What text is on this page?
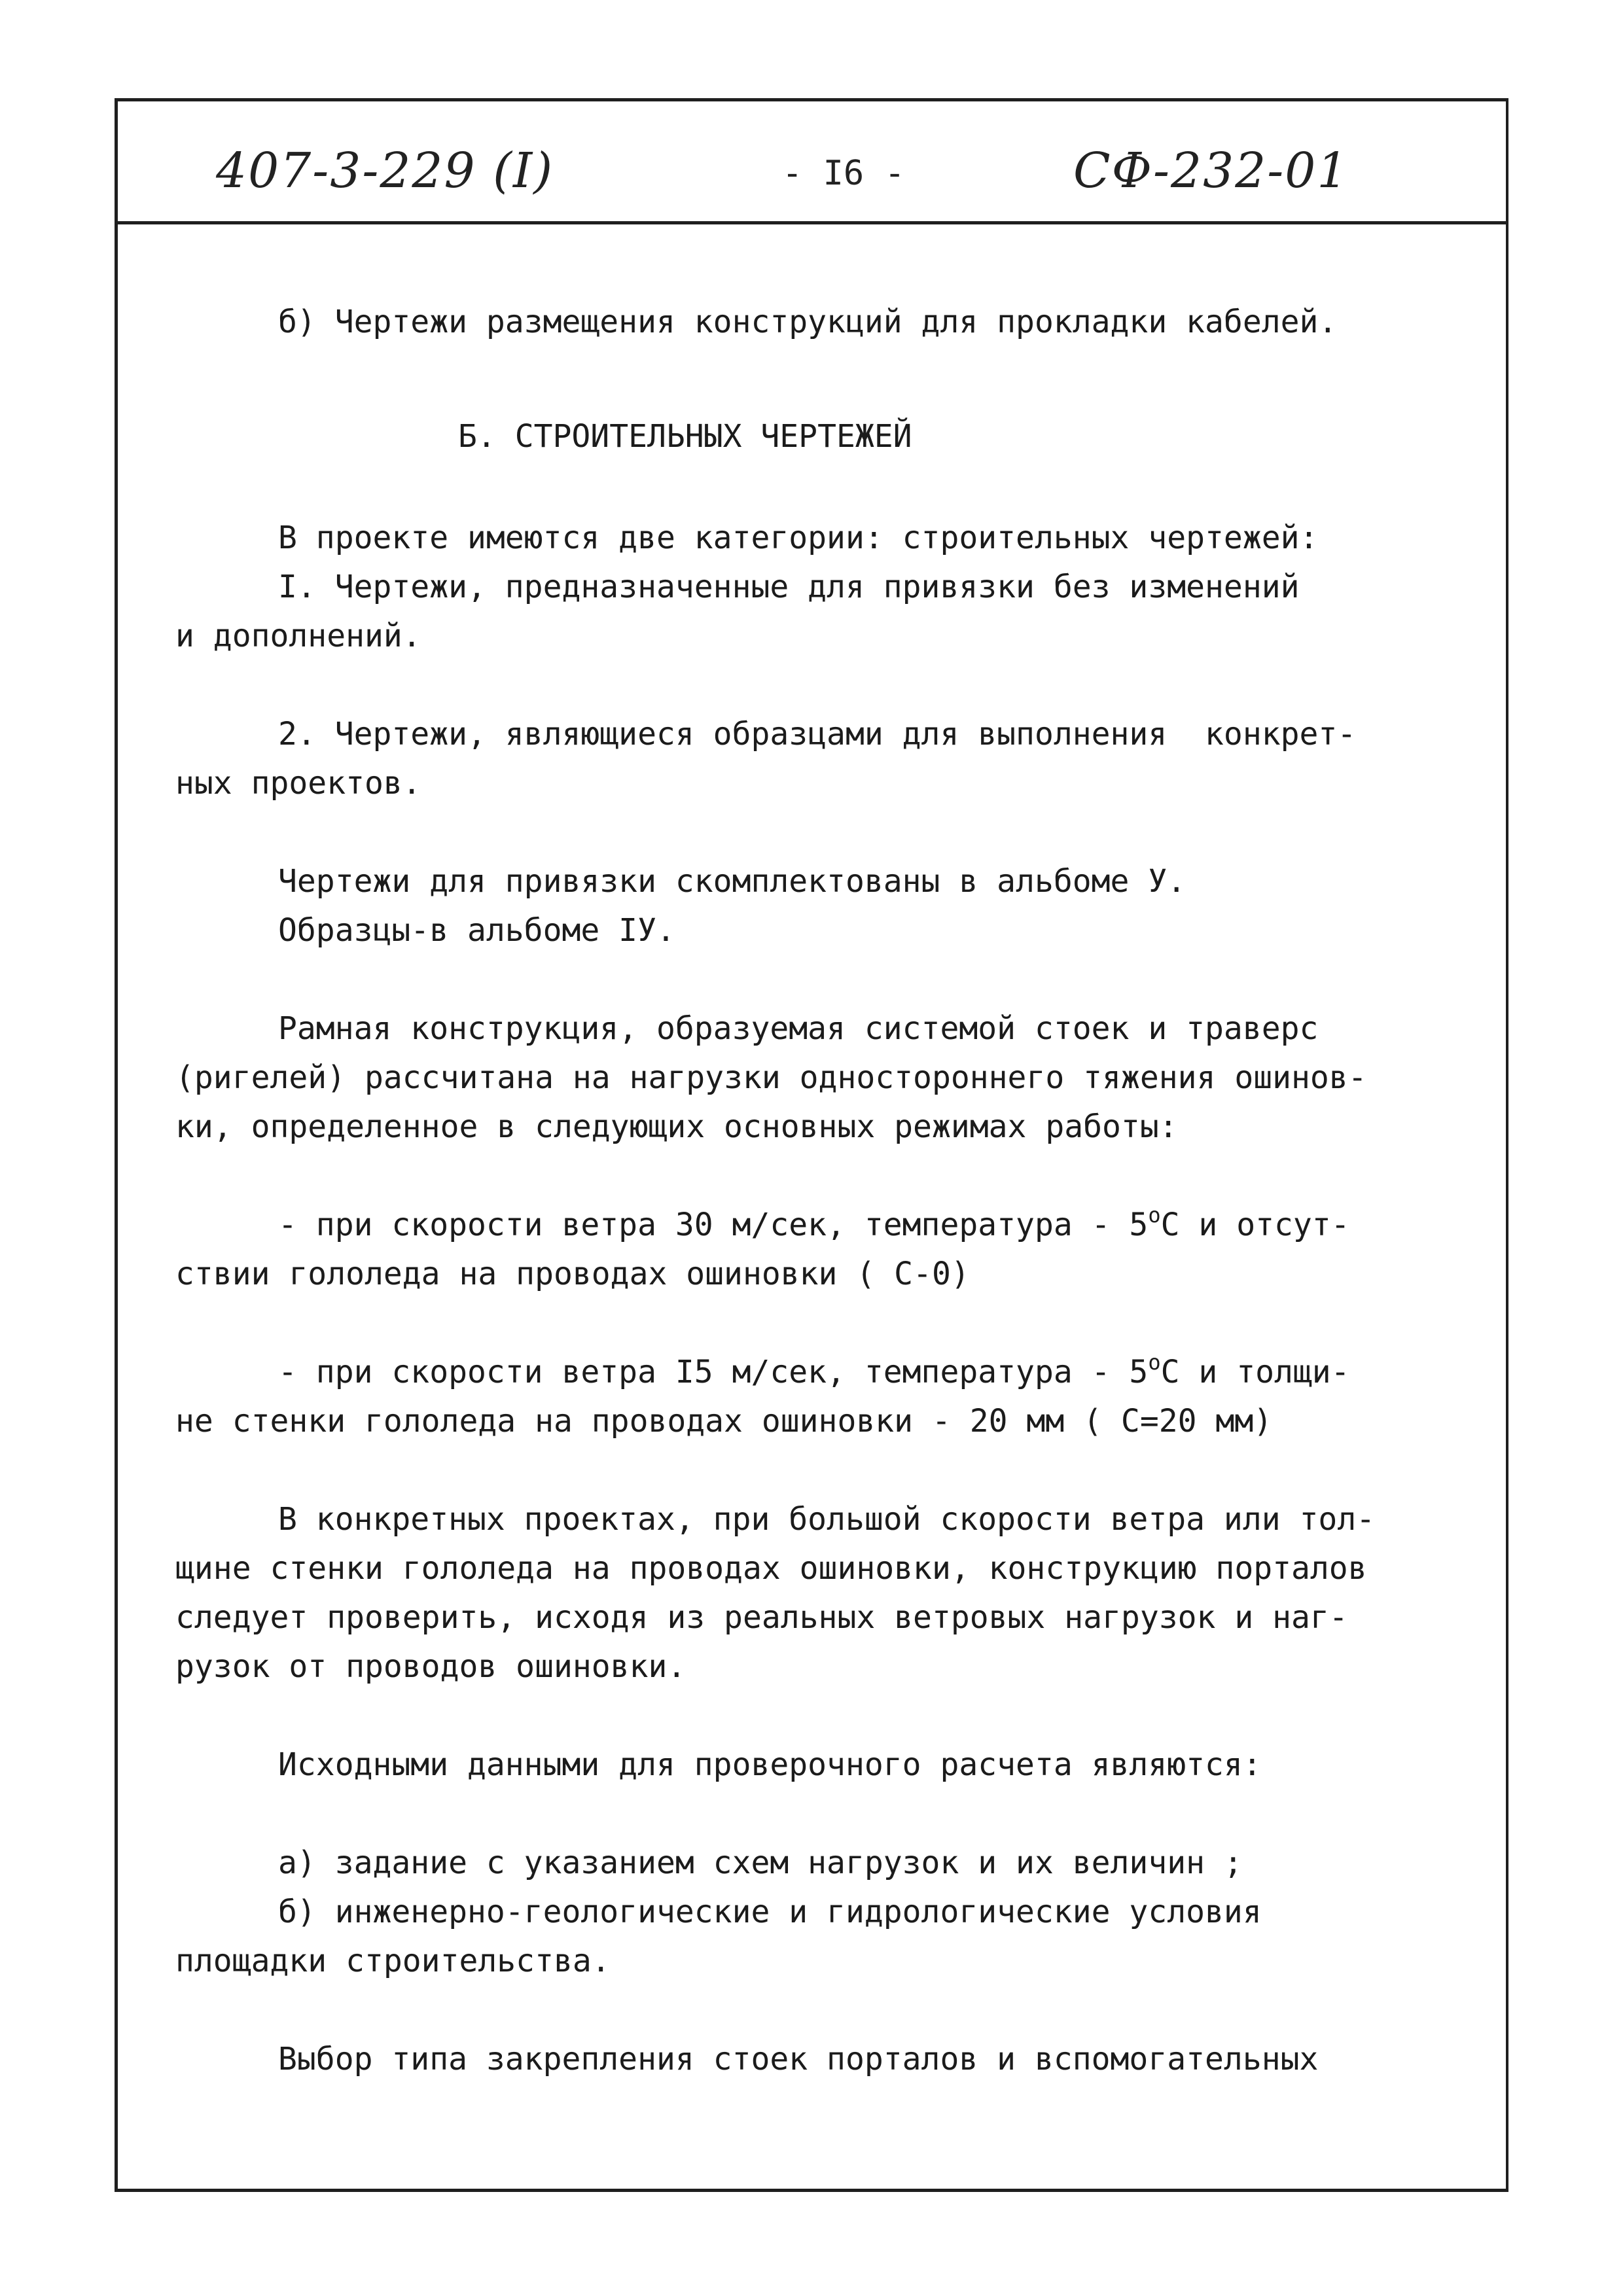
407-3-229 (I)	- I6 -	СФ-232-01
б) Чертежи размещения конструкций для прокладки кабелей.
Б. СТРОИТЕЛЬНЫХ ЧЕРТЕЖЕЙ
В проекте имеются две категории: строительных чертежей:
I. Чертежи, предназначенные для привязки без изменений
и дополнений.
2. Чертежи, являющиеся образцами для выполнения  конкрет-
ных проектов.
Чертежи для привязки скомплектованы в альбоме У.
Образцы-в альбоме IУ.
Рамная конструкция, образуемая системой стоек и траверс
(ригелей) рассчитана на нагрузки одностороннего тяжения ошинов-
ки, определенное в следующих основных режимах работы:
- при скорости ветра 30 м/сек, температура - $5^оС$ и отсут-
ствии гололеда на проводах ошиновки ( С-0)
- при скорости ветра I5 м/сек, температура - $5^оС$ и толщи-
не стенки гололеда на проводах ошиновки - 20 мм ( С=20 мм)
В конкретных проектах, при большой скорости ветра или тол-
щине стенки гололеда на проводах ошиновки, конструкцию порталов
следует проверить, исходя из реальных ветровых нагрузок и наг-
рузок от проводов ошиновки.
Исходными данными для проверочного расчета являются:
а) задание с указанием схем нагрузок и их величин ;
б) инженерно-геологические и гидрологические условия
площадки строительства.
Выбор типа закрепления стоек порталов и вспомогательных
